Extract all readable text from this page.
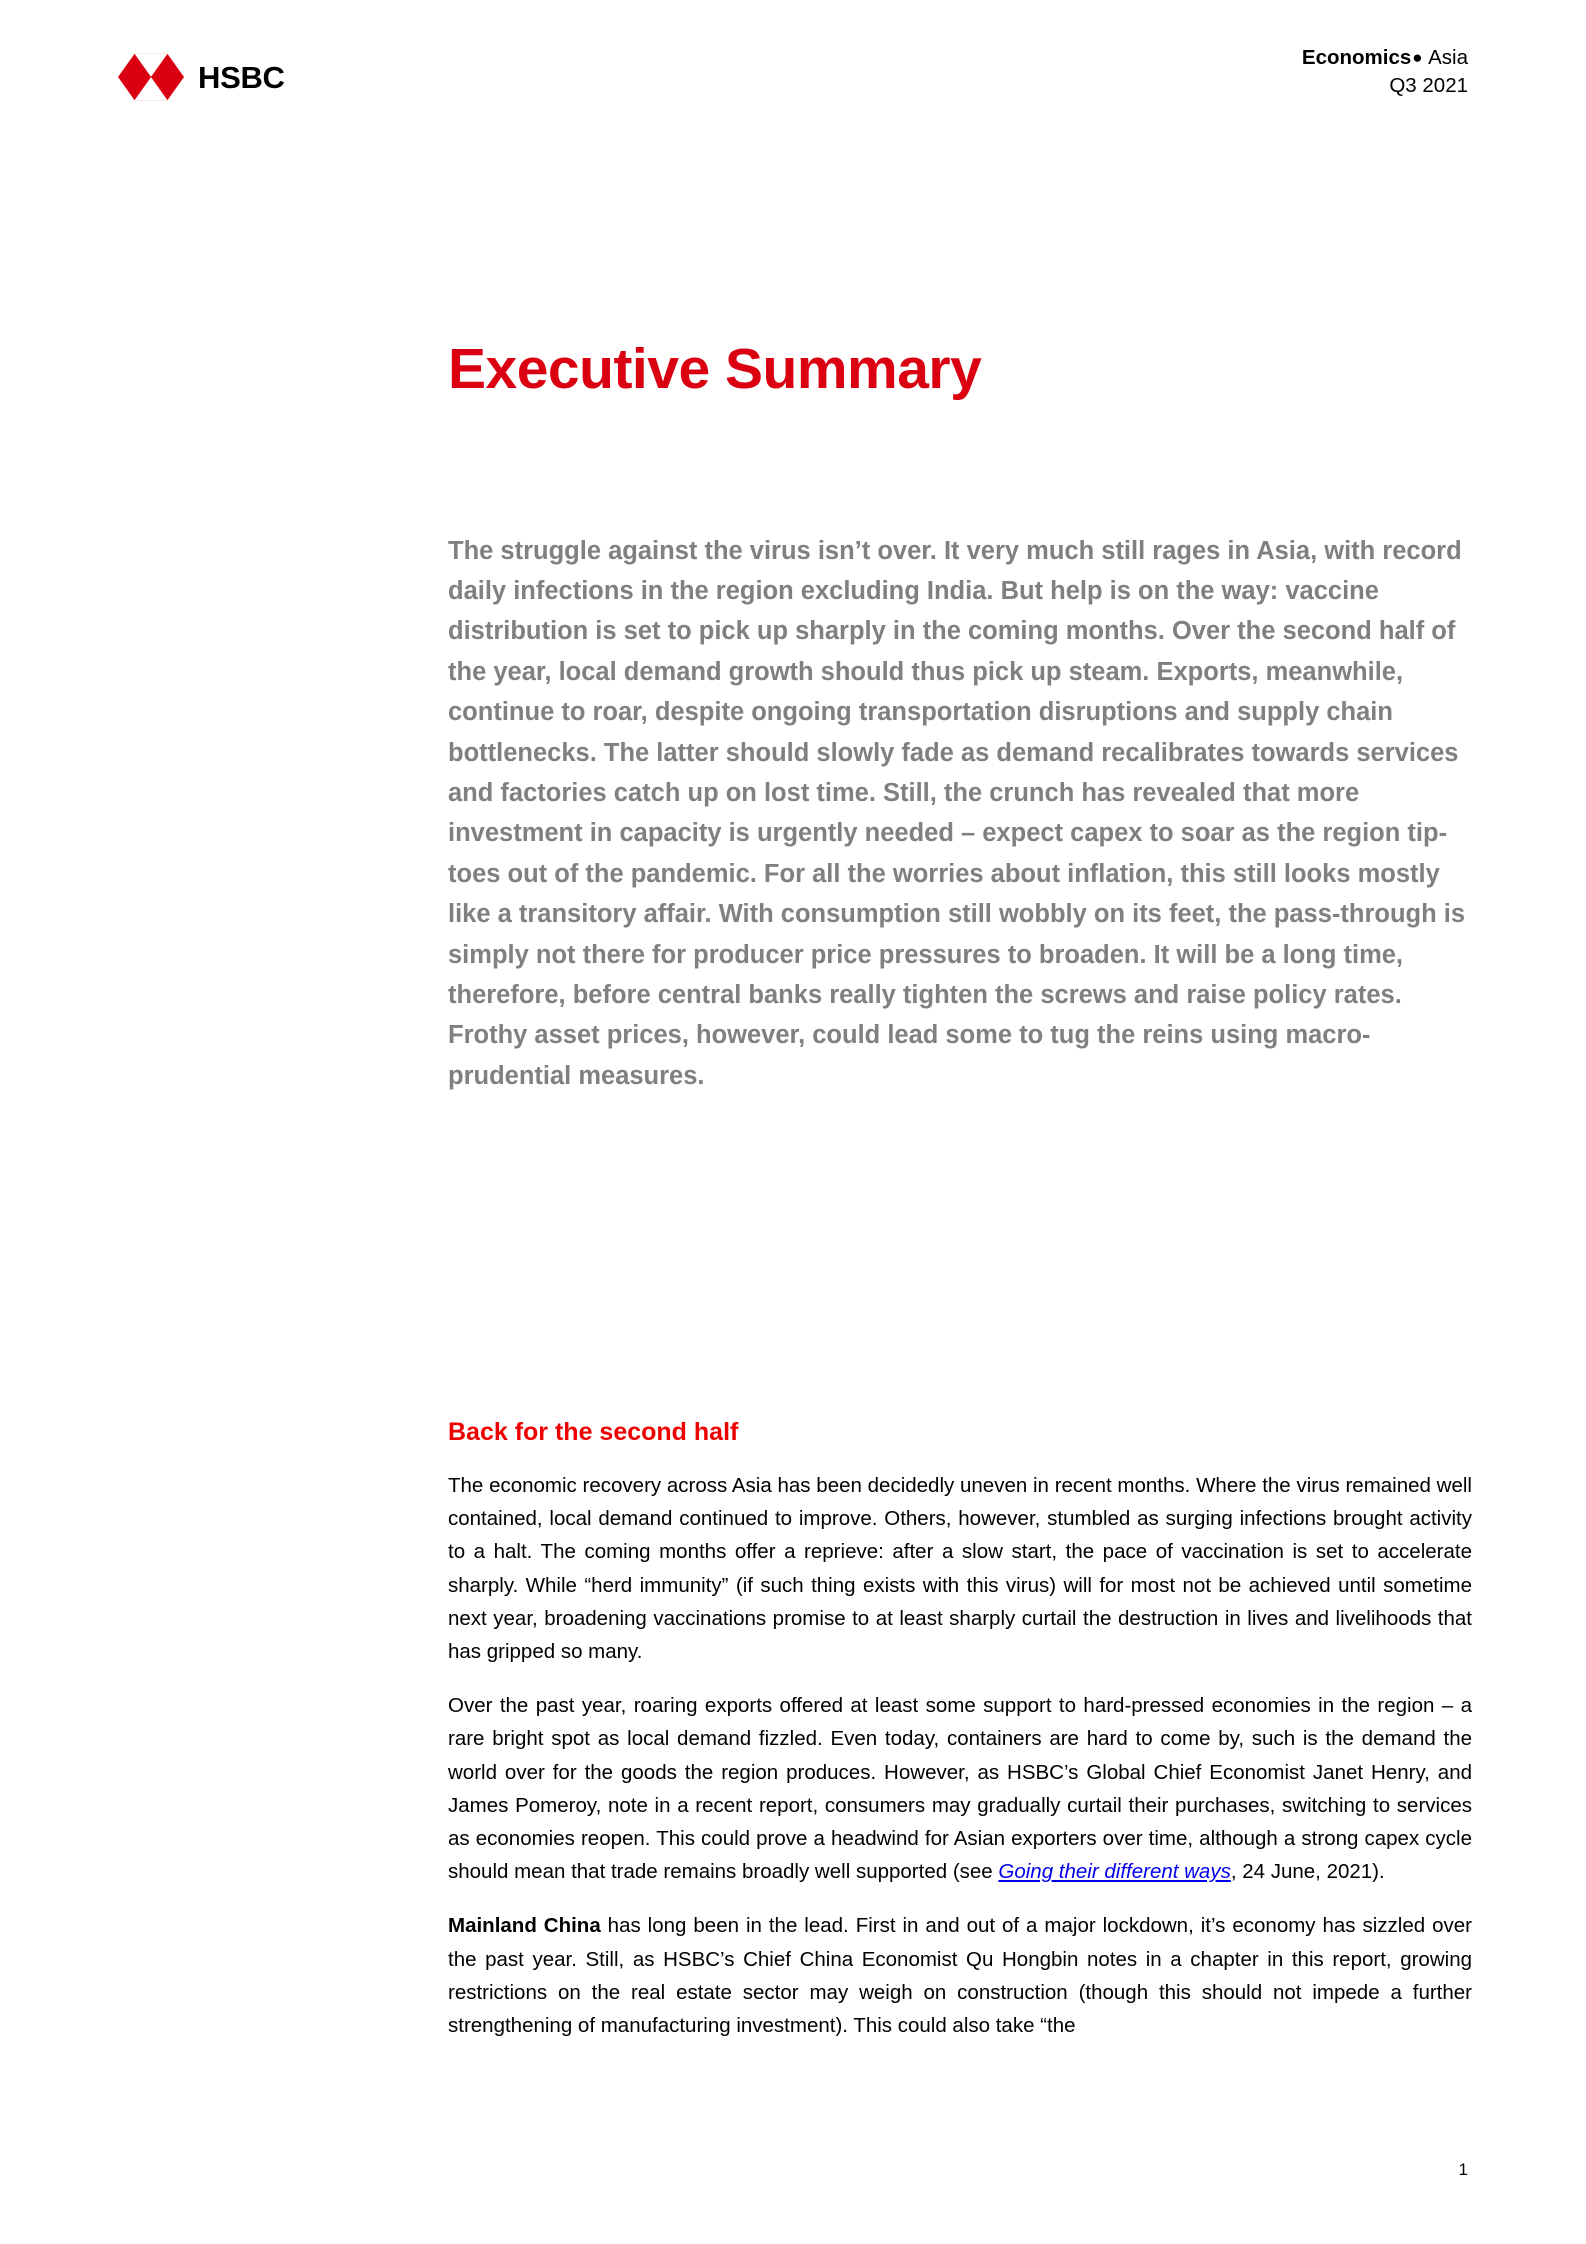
HSBC
Economics● Asia
Q3 2021
Executive Summary

The struggle against the virus isn’t over. It very much still rages in Asia, with record daily infections in the region excluding India. But help is on the way: vaccine distribution is set to pick up sharply in the coming months. Over the second half of the year, local demand growth should thus pick up steam. Exports, meanwhile, continue to roar, despite ongoing transportation disruptions and supply chain bottlenecks. The latter should slowly fade as demand recalibrates towards services and factories catch up on lost time. Still, the crunch has revealed that more investment in capacity is urgently needed – expect capex to soar as the region tip-toes out of the pandemic. For all the worries about inflation, this still looks mostly like a transitory affair. With consumption still wobbly on its feet, the pass-through is simply not there for producer price pressures to broaden. It will be a long time, therefore, before central banks really tighten the screws and raise policy rates. Frothy asset prices, however, could lead some to tug the reins using macro-prudential measures.

Back for the second half

The economic recovery across Asia has been decidedly uneven in recent months. Where the virus remained well contained, local demand continued to improve. Others, however, stumbled as surging infections brought activity to a halt. The coming months offer a reprieve: after a slow start, the pace of vaccination is set to accelerate sharply. While “herd immunity” (if such thing exists with this virus) will for most not be achieved until sometime next year, broadening vaccinations promise to at least sharply curtail the destruction in lives and livelihoods that has gripped so many.

Over the past year, roaring exports offered at least some support to hard-pressed economies in the region – a rare bright spot as local demand fizzled. Even today, containers are hard to come by, such is the demand the world over for the goods the region produces. However, as HSBC’s Global Chief Economist Janet Henry, and James Pomeroy, note in a recent report, consumers may gradually curtail their purchases, switching to services as economies reopen. This could prove a headwind for Asian exporters over time, although a strong capex cycle should mean that trade remains broadly well supported (see Going their different ways, 24 June, 2021).

Mainland China has long been in the lead. First in and out of a major lockdown, it’s economy has sizzled over the past year. Still, as HSBC’s Chief China Economist Qu Hongbin notes in a chapter in this report, growing restrictions on the real estate sector may weigh on construction (though this should not impede a further strengthening of manufacturing investment). This could also take “the

1
